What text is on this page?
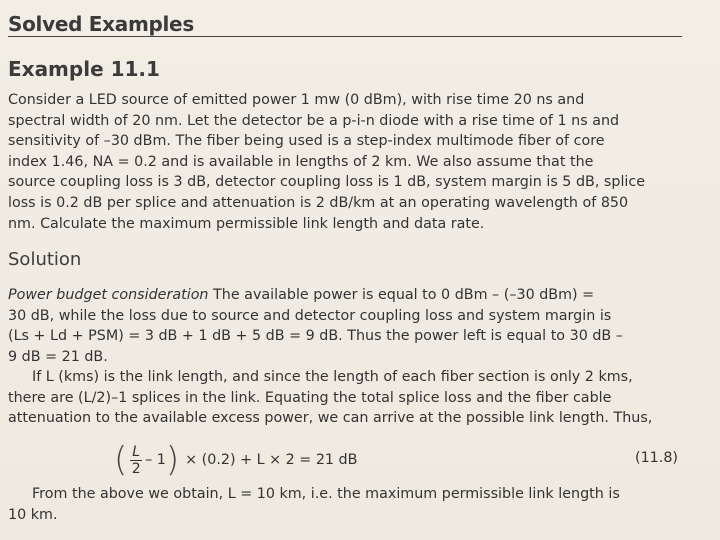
Solved Examples
Example 11.1
Consider a LED source of emitted power 1 mw (0 dBm), with rise time 20 ns and
spectral width of 20 nm. Let the detector be a p-i-n diode with a rise time of 1 ns and
sensitivity of –30 dBm. The fiber being used is a step-index multimode fiber of core
index 1.46, NA = 0.2 and is available in lengths of 2 km. We also assume that the
source coupling loss is 3 dB, detector coupling loss is 1 dB, system margin is 5 dB, splice
loss is 0.2 dB per splice and attenuation is 2 dB/km at an operating wavelength of 850
nm. Calculate the maximum permissible link length and data rate.
Solution
Power budget consideration The available power is equal to 0 dBm – (–30 dBm) =
30 dB, while the loss due to source and detector coupling loss and system margin is
(Ls + Ld + PSM) = 3 dB + 1 dB + 5 dB = 9 dB. Thus the power left is equal to 30 dB –
9 dB = 21 dB.
If L (kms) is the link length, and since the length of each fiber section is only 2 kms,
there are (L/2)–1 splices in the link. Equating the total splice loss and the fiber cable
attenuation to the available excess power, we can arrive at the possible link length. Thus,
( $\frac{L}{2} - 1$ ) × (0.2) + L × 2 = 21 dB	(11.8)
From the above we obtain, L = 10 km, i.e. the maximum permissible link length is
10 km.
